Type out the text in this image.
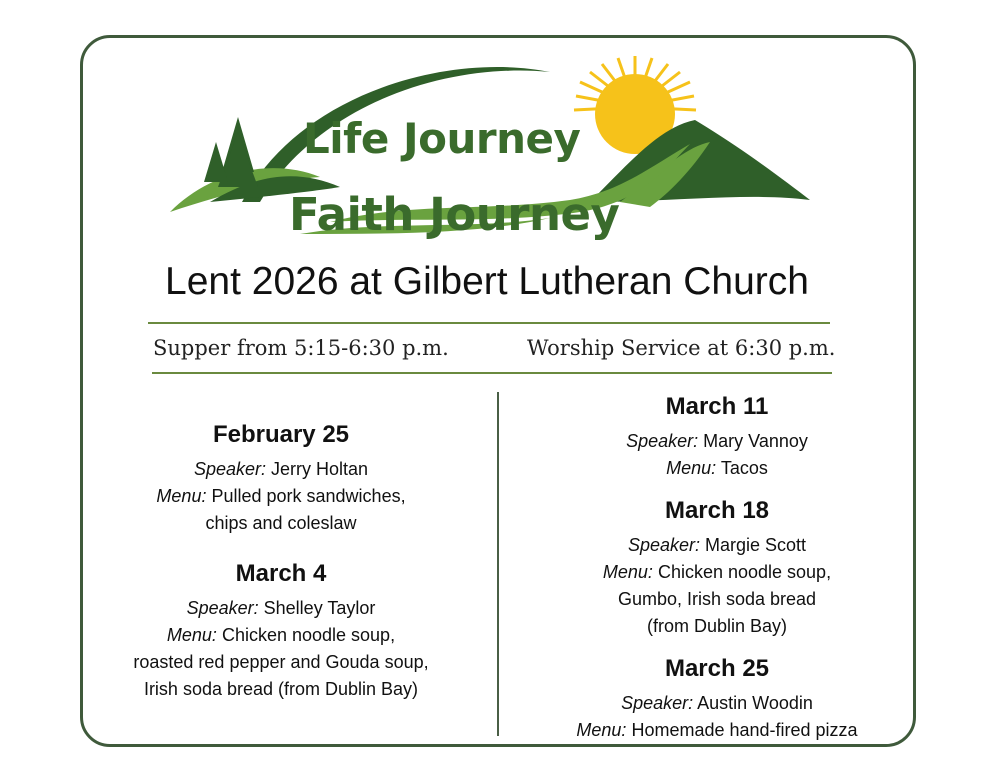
Life Journey
Faith Journey
Lent 2026 at Gilbert Lutheran Church
Supper from 5:15-6:30 p.m.	Worship Service at 6:30 p.m.
February 25
Speaker: Jerry Holtan
Menu: Pulled pork sandwiches,
chips and coleslaw
March 4
Speaker: Shelley Taylor
Menu: Chicken noodle soup,
roasted red pepper and Gouda soup,
Irish soda bread (from Dublin Bay)
March 11
Speaker: Mary Vannoy
Menu: Tacos
March 18
Speaker: Margie Scott
Menu: Chicken noodle soup,
Gumbo, Irish soda bread
(from Dublin Bay)
March 25
Speaker: Austin Woodin
Menu: Homemade hand-fired pizza
